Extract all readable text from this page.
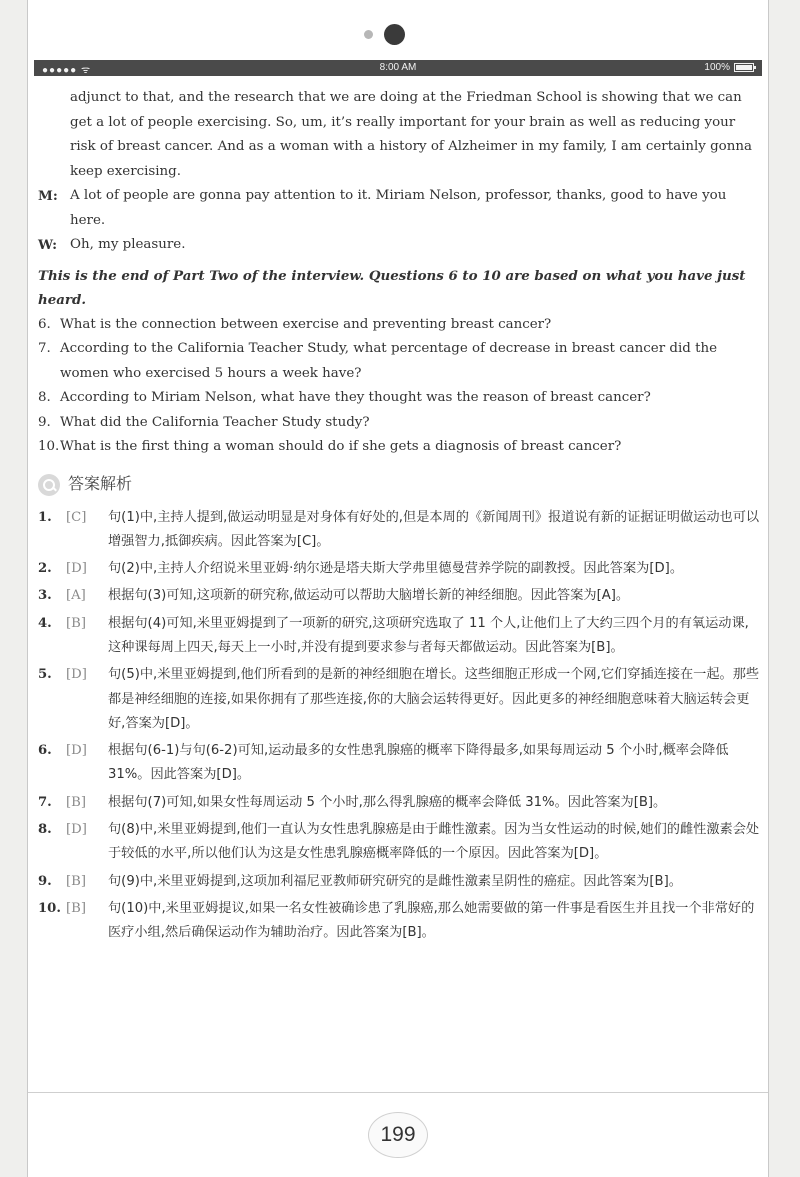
●●●●● ᯤ	8:00 AM	100%

adjunct to that, and the research that we are doing at the Friedman School is showing that we can get a lot of people exercising. So, um, it’s really important for your brain as well as reducing your risk of breast cancer. And as a woman with a history of Alzheimer in my family, I am certainly gonna keep exercising.

M: A lot of people are gonna pay attention to it. Miriam Nelson, professor, thanks, good to have you here.
W: Oh, my pleasure.

This is the end of Part Two of the interview. Questions 6 to 10 are based on what you have just heard.

6. What is the connection between exercise and preventing breast cancer?
7. According to the California Teacher Study, what percentage of decrease in breast cancer did the women who exercised 5 hours a week have?
8. According to Miriam Nelson, what have they thought was the reason of breast cancer?
9. What did the California Teacher Study study?
10. What is the first thing a woman should do if she gets a diagnosis of breast cancer?
答案解析
1.	[C]	句(1)中,主持人提到,做运动明显是对身体有好处的,但是本周的《新闻周刊》报道说有新的证据证明做运动也可以增强智力,抵御疾病。因此答案为[C]。
2.	[D]	句(2)中,主持人介绍说米里亚姆·纳尔逊是塔夫斯大学弗里德曼营养学院的副教授。因此答案为[D]。
3.	[A]	根据句(3)可知,这项新的研究称,做运动可以帮助大脑增长新的神经细胞。因此答案为[A]。
4.	[B]	根据句(4)可知,米里亚姆提到了一项新的研究,这项研究选取了 11 个人,让他们上了大约三四个月的有氧运动课,这种课每周上四天,每天上一小时,并没有提到要求参与者每天都做运动。因此答案为[B]。
5.	[D]	句(5)中,米里亚姆提到,他们所看到的是新的神经细胞在增长。这些细胞正形成一个网,它们穿插连接在一起。那些都是神经细胞的连接,如果你拥有了那些连接,你的大脑会运转得更好。因此更多的神经细胞意味着大脑运转会更好,答案为[D]。
6.	[D]	根据句(6-1)与句(6-2)可知,运动最多的女性患乳腺癌的概率下降得最多,如果每周运动 5 个小时,概率会降低 31%。因此答案为[D]。
7.	[B]	根据句(7)可知,如果女性每周运动 5 个小时,那么得乳腺癌的概率会降低 31%。因此答案为[B]。
8.	[D]	句(8)中,米里亚姆提到,他们一直认为女性患乳腺癌是由于雌性激素。因为当女性运动的时候,她们的雌性激素会处于较低的水平,所以他们认为这是女性患乳腺癌概率降低的一个原因。因此答案为[D]。
9.	[B]	句(9)中,米里亚姆提到,这项加利福尼亚教师研究研究的是雌性激素呈阴性的癌症。因此答案为[B]。
10. [B]	句(10)中,米里亚姆提议,如果一名女性被确诊患了乳腺癌,那么她需要做的第一件事是看医生并且找一个非常好的医疗小组,然后确保运动作为辅助治疗。因此答案为[B]。
199
